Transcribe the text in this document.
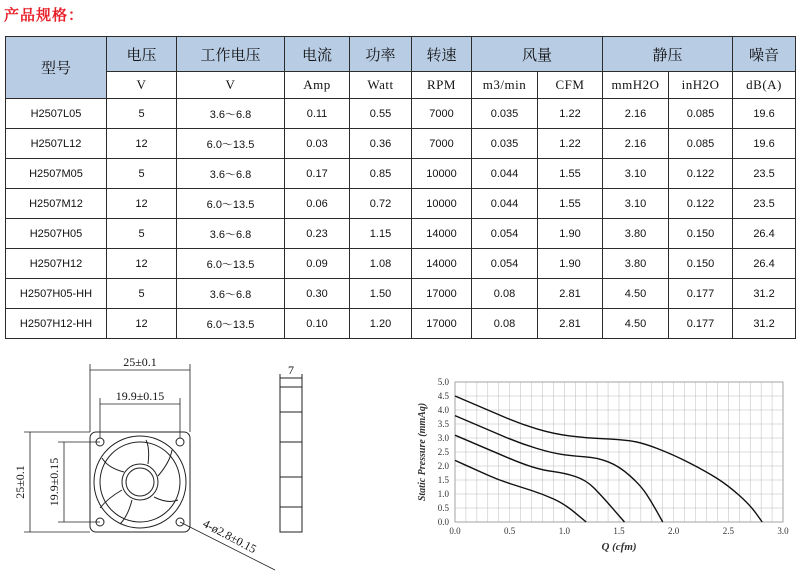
产品规格：
型号	电压	工作电压	电流	功率	转速	风量		静压		噪音
	V	V	Amp	Watt	RPM	m3/min	CFM	mmH2O	inH2O	dB(A)
H2507L05	5	3.6～6.8	0.11	0.55	7000	0.035	1.22	2.16	0.085	19.6
H2507L12	12	6.0～13.5	0.03	0.36	7000	0.035	1.22	2.16	0.085	19.6
H2507M05	5	3.6～6.8	0.17	0.85	10000	0.044	1.55	3.10	0.122	23.5
H2507M12	12	6.0～13.5	0.06	0.72	10000	0.044	1.55	3.10	0.122	23.5
H2507H05	5	3.6～6.8	0.23	1.15	14000	0.054	1.90	3.80	0.150	26.4
H2507H12	12	6.0～13.5	0.09	1.08	14000	0.054	1.90	3.80	0.150	26.4
H2507H05-HH	5	3.6～6.8	0.30	1.50	17000	0.08	2.81	4.50	0.177	31.2
H2507H12-HH	12	6.0～13.5	0.10	1.20	17000	0.08	2.81	4.50	0.177	31.2
25±0.1
19.9±0.15
25±0.1 19.9±0.15
4-ø2.8±0.15
7
0.0	0.5	1.0	1.5	2.0	2.5	3.0
0.0
0.5
1.0
1.5
2.0
2.5
3.0
3.5
4.0
4.5
5.0
Q (cfm)
Static Pressure (mmAq)
